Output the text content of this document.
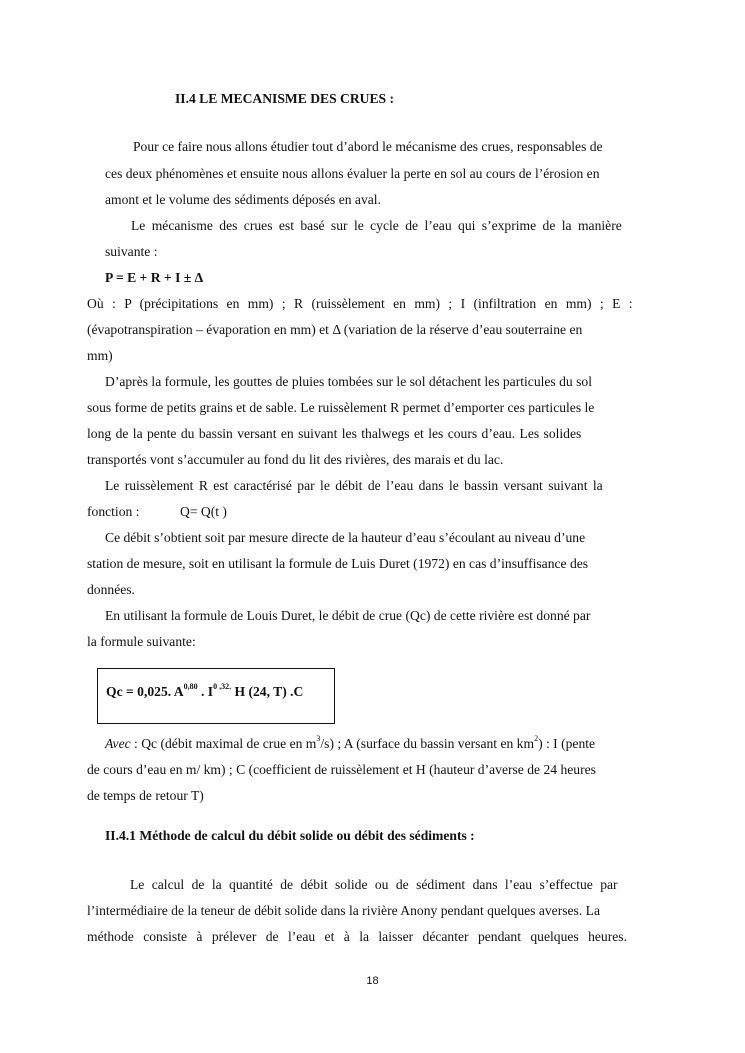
II.4 LE MECANISME DES CRUES :
Pour ce faire nous allons étudier tout d’abord le mécanisme des crues, responsables de
ces deux phénomènes et ensuite nous allons évaluer la perte en sol au cours de l’érosion en
amont et le volume des sédiments déposés en aval.
Le mécanisme des crues est basé sur le cycle de l’eau qui s’exprime de la manière
suivante :
P = E + R + I ± Δ
Où : P (précipitations en mm) ; R (ruissèlement en mm) ; I (infiltration en mm) ; E :
(évapotranspiration – évaporation en mm) et Δ (variation de la réserve d’eau souterraine en
mm)
D’après la formule, les gouttes de pluies tombées sur le sol détachent les particules du sol
sous forme de petits grains et de sable. Le ruissèlement R permet d’emporter ces particules le
long de la pente du bassin versant en suivant les thalwegs et les cours d’eau. Les solides
transportés vont s’accumuler au fond du lit des rivières, des marais et du lac.
Le ruissèlement R est caractérisé par le débit de l’eau dans le bassin versant suivant la
fonction :	Q= Q(t )
Ce débit s’obtient soit par mesure directe de la hauteur d’eau s’écoulant au niveau d’une
station de mesure, soit en utilisant la formule de Luis Duret (1972) en cas d’insuffisance des
données.
En utilisant la formule de Louis Duret, le débit de crue (Qc) de cette rivière est donné par
la formule suivante:
Qc = 0,025. A$^{0,80}$ . $I^{0 ,32.}$ H (24, T) .C
Avec : Qc (débit maximal de crue en $m^3/s$) ; A (surface du bassin versant en $km^2$) : I (pente
de cours d’eau en m/ km) ; C (coefficient de ruissèlement et H (hauteur d’averse de 24 heures
de temps de retour T)
II.4.1 Méthode de calcul du débit solide ou débit des sédiments :
Le calcul de la quantité de débit solide ou de sédiment dans l’eau s’effectue par
l’intermédiaire de la teneur de débit solide dans la rivière Anony pendant quelques averses. La
méthode consiste à prélever de l’eau et à la laisser décanter pendant quelques heures.
18
